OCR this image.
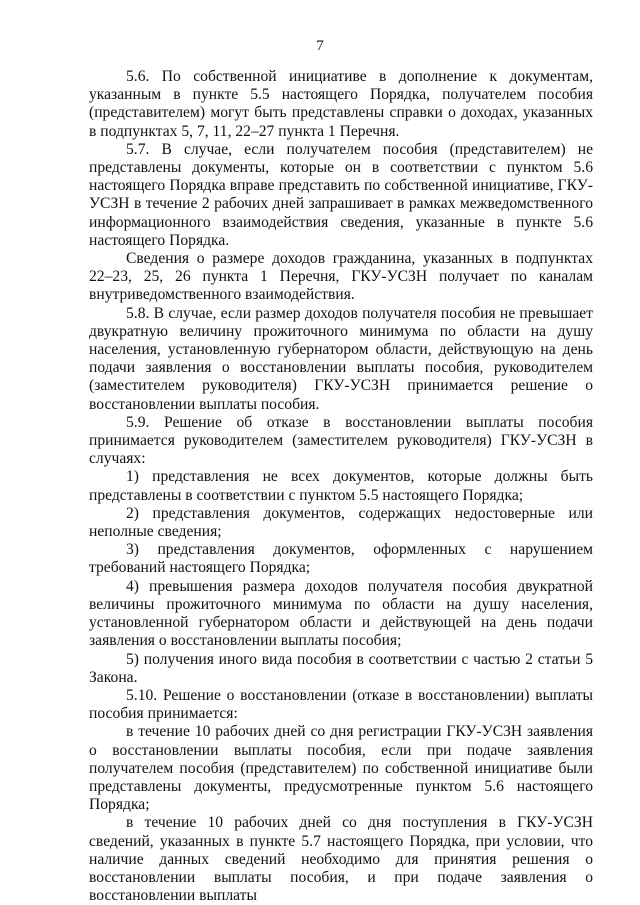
7

5.6. По собственной инициативе в дополнение к документам, указанным в пункте 5.5 настоящего Порядка, получателем пособия (представителем) могут быть представлены справки о доходах, указанных в подпунктах 5, 7, 11, 22–27 пункта 1 Перечня.

5.7. В случае, если получателем пособия (представителем) не представлены документы, которые он в соответствии с пунктом 5.6 настоящего Порядка вправе представить по собственной инициативе, ГКУ-УСЗН в течение 2 рабочих дней запрашивает в рамках межведомственного информационного взаимодействия сведения, указанные в пункте 5.6 настоящего Порядка.

Сведения о размере доходов гражданина, указанных в подпунктах 22–23, 25, 26 пункта 1 Перечня, ГКУ-УСЗН получает по каналам внутриведомственного взаимодействия.

5.8. В случае, если размер доходов получателя пособия не превышает двукратную величину прожиточного минимума по области на душу населения, установленную губернатором области, действующую на день подачи заявления о восстановлении выплаты пособия, руководителем (заместителем руководителя) ГКУ-УСЗН принимается решение о восстановлении выплаты пособия.

5.9. Решение об отказе в восстановлении выплаты пособия принимается руководителем (заместителем руководителя) ГКУ-УСЗН в случаях:

1) представления не всех документов, которые должны быть представлены в соответствии с пунктом 5.5 настоящего Порядка;

2) представления документов, содержащих недостоверные или неполные сведения;

3) представления документов, оформленных с нарушением требований настоящего Порядка;

4) превышения размера доходов получателя пособия двукратной величины прожиточного минимума по области на душу населения, установленной губернатором области и действующей на день подачи заявления о восстановлении выплаты пособия;

5) получения иного вида пособия в соответствии с частью 2 статьи 5 Закона.

5.10. Решение о восстановлении (отказе в восстановлении) выплаты пособия принимается:

в течение 10 рабочих дней со дня регистрации ГКУ-УСЗН заявления о восстановлении выплаты пособия, если при подаче заявления получателем пособия (представителем) по собственной инициативе были представлены документы, предусмотренные пунктом 5.6 настоящего Порядка;

в течение 10 рабочих дней со дня поступления в ГКУ-УСЗН сведений, указанных в пункте 5.7 настоящего Порядка, при условии, что наличие данных сведений необходимо для принятия решения о восстановлении выплаты пособия, и при подаче заявления о восстановлении выплаты
